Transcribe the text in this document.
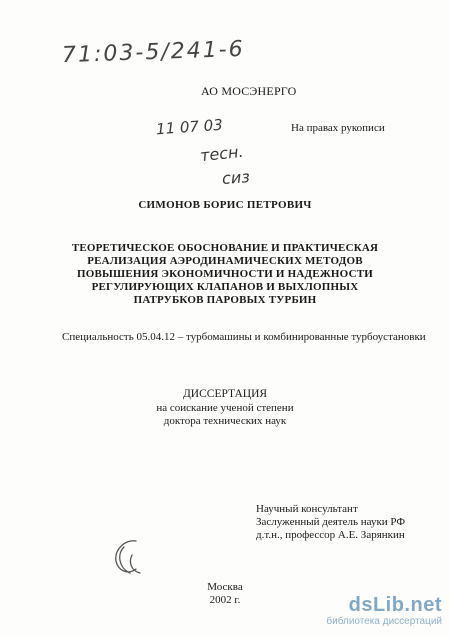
71:03-5/241-6
АО МОСЭНЕРГО
11 07 03	На правах рукописи
теcн.
сиз
СИМОНОВ БОРИС ПЕТРОВИЧ
ТЕОРЕТИЧЕСКОЕ ОБОСНОВАНИЕ И ПРАКТИЧЕСКАЯ
РЕАЛИЗАЦИЯ АЭРОДИНАМИЧЕСКИХ МЕТОДОВ
ПОВЫШЕНИЯ ЭКОНОМИЧНОСТИ И НАДЕЖНОСТИ
РЕГУЛИРУЮЩИХ КЛАПАНОВ И ВЫХЛОПНЫХ
ПАТРУБКОВ ПАРОВЫХ ТУРБИН
Специальность 05.04.12 – турбомашины и комбинированные турбоустановки
ДИССЕРТАЦИЯ
на соискание ученой степени
доктора технических наук
Научный консультант
Заслуженный деятель науки РФ
д.т.н., профессор А.Е. Зарянкин
Москва
2002 г.	dsLib.net
библиотека диссертаций
